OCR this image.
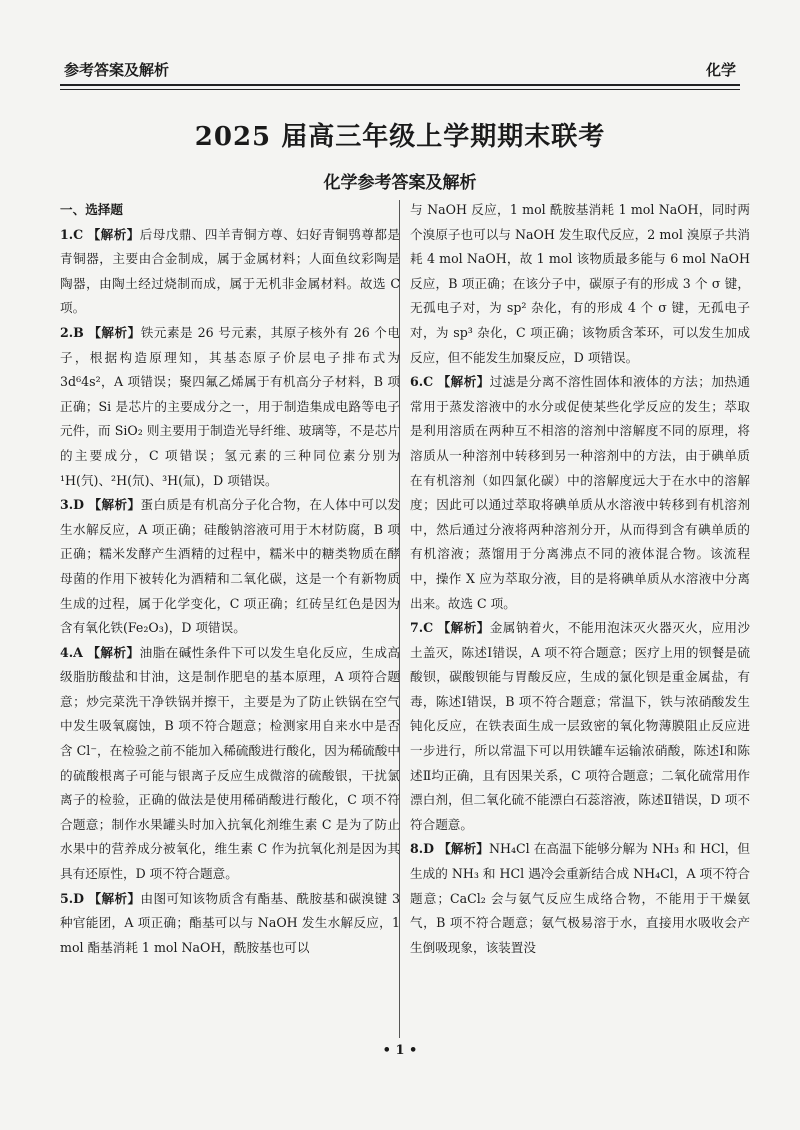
参考答案及解析	化学
2025 届高三年级上学期期末联考
化学参考答案及解析
一、选择题

1.C 【解析】后母戊鼎、四羊青铜方尊、妇好青铜鸮尊都是青铜器，主要由合金制成，属于金属材料；人面鱼纹彩陶是陶器，由陶土经过烧制而成，属于无机非金属材料。故选 C 项。

2.B 【解析】铁元素是 26 号元素，其原子核外有 26 个电子，根据构造原理知，其基态原子价层电子排布式为 3d⁶4s²，A 项错误；聚四氟乙烯属于有机高分子材料，B 项正确；Si 是芯片的主要成分之一，用于制造集成电路等电子元件，而 SiO₂ 则主要用于制造光导纤维、玻璃等，不是芯片的主要成分，C 项错误；氢元素的三种同位素分别为¹H(氕)、²H(氘)、³H(氚)，D 项错误。

3.D 【解析】蛋白质是有机高分子化合物，在人体中可以发生水解反应，A 项正确；硅酸钠溶液可用于木材防腐，B 项正确；糯米发酵产生酒精的过程中，糯米中的糖类物质在酵母菌的作用下被转化为酒精和二氧化碳，这是一个有新物质生成的过程，属于化学变化，C 项正确；红砖呈红色是因为含有氧化铁(Fe₂O₃)，D 项错误。

4.A 【解析】油脂在碱性条件下可以发生皂化反应，生成高级脂肪酸盐和甘油，这是制作肥皂的基本原理，A 项符合题意；炒完菜洗干净铁锅并擦干，主要是为了防止铁锅在空气中发生吸氧腐蚀，B 项不符合题意；检测家用自来水中是否含 Cl⁻，在检验之前不能加入稀硫酸进行酸化，因为稀硫酸中的硫酸根离子可能与银离子反应生成微溶的硫酸银，干扰氯离子的检验，正确的做法是使用稀硝酸进行酸化，C 项不符合题意；制作水果罐头时加入抗氧化剂维生素 C 是为了防止水果中的营养成分被氧化，维生素 C 作为抗氧化剂是因为其具有还原性，D 项不符合题意。

5.D 【解析】由图可知该物质含有酯基、酰胺基和碳溴键 3 种官能团，A 项正确；酯基可以与 NaOH 发生水解反应，1 mol 酯基消耗 1 mol NaOH，酰胺基也可以

与 NaOH 反应，1 mol 酰胺基消耗 1 mol NaOH，同时两个溴原子也可以与 NaOH 发生取代反应，2 mol 溴原子共消耗 4 mol NaOH，故 1 mol 该物质最多能与 6 mol NaOH反应，B 项正确；在该分子中，碳原子有的形成 3 个 σ 键，无孤电子对，为 sp² 杂化，有的形成 4 个 σ 键，无孤电子对，为 sp³ 杂化，C 项正确；该物质含苯环，可以发生加成反应，但不能发生加聚反应，D 项错误。

6.C 【解析】过滤是分离不溶性固体和液体的方法；加热通常用于蒸发溶液中的水分或促使某些化学反应的发生；萃取是利用溶质在两种互不相溶的溶剂中溶解度不同的原理，将溶质从一种溶剂中转移到另一种溶剂中的方法，由于碘单质在有机溶剂（如四氯化碳）中的溶解度远大于在水中的溶解度；因此可以通过萃取将碘单质从水溶液中转移到有机溶剂中，然后通过分液将两种溶剂分开，从而得到含有碘单质的有机溶液；蒸馏用于分离沸点不同的液体混合物。该流程中，操作 X 应为萃取分液，目的是将碘单质从水溶液中分离出来。故选 C 项。

7.C 【解析】金属钠着火，不能用泡沫灭火器灭火，应用沙土盖灭，陈述Ⅰ错误，A 项不符合题意；医疗上用的钡餐是硫酸钡，碳酸钡能与胃酸反应，生成的氯化钡是重金属盐，有毒，陈述Ⅰ错误，B 项不符合题意；常温下，铁与浓硝酸发生钝化反应，在铁表面生成一层致密的氧化物薄膜阻止反应进一步进行，所以常温下可以用铁罐车运输浓硝酸，陈述Ⅰ和陈述Ⅱ均正确，且有因果关系，C 项符合题意；二氧化硫常用作漂白剂，但二氧化硫不能漂白石蕊溶液，陈述Ⅱ错误，D 项不符合题意。

8.D 【解析】NH₄Cl 在高温下能够分解为 NH₃ 和 HCl，但生成的 NH₃ 和 HCl 遇冷会重新结合成 NH₄Cl，A 项不符合题意；CaCl₂ 会与氨气反应生成络合物，不能用于干燥氨气，B 项不符合题意；氨气极易溶于水，直接用水吸收会产生倒吸现象，该装置没

• 1 •
